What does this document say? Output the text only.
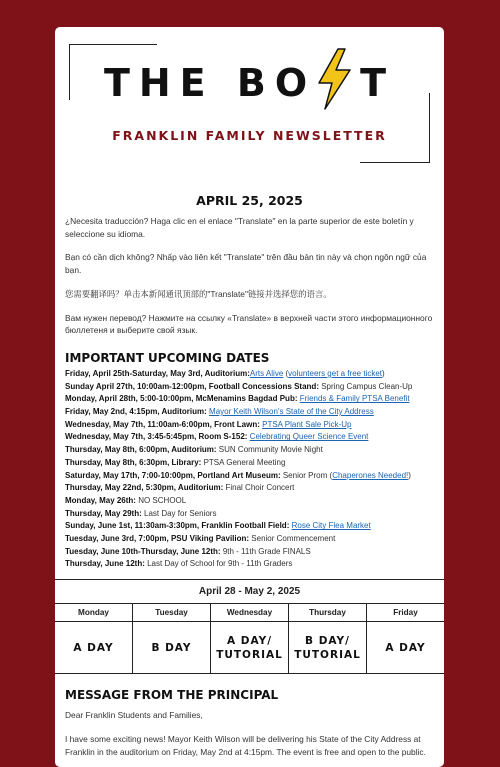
THE BO T
FRANKLIN FAMILY NEWSLETTER
APRIL 25, 2025

¿Necesita traducción? Haga clic en el enlace "Translate" en la parte superior de este boletín y seleccione su idioma.

Bạn có cần dịch không? Nhấp vào liên kết "Translate" trên đầu bản tin này và chọn ngôn ngữ của bạn.

您需要翻译吗？单击本新闻通讯顶部的"Translate"链接并选择您的语言。

Вам нужен перевод? Нажмите на ссылку «Translate» в верхней части этого информационного бюллетеня и выберите свой язык.

IMPORTANT UPCOMING DATES
Friday, April 25th-Saturday, May 3rd, Auditorium:Arts Alive (volunteers get a free ticket)
Sunday April 27th, 10:00am-12:00pm, Football Concessions Stand: Spring Campus Clean-Up
Monday, April 28th, 5:00-10:00pm, McMenamins Bagdad Pub: Friends & Family PTSA Benefit
Friday, May 2nd, 4:15pm, Auditorium: Mayor Keith Wilson's State of the City Address
Wednesday, May 7th, 11:00am-6:00pm, Front Lawn: PTSA Plant Sale Pick-Up
Wednesday, May 7th, 3:45-5:45pm, Room S-152: Celebrating Queer Science Event
Thursday, May 8th, 6:00pm, Auditorium: SUN Community Movie Night
Thursday, May 8th, 6:30pm, Library: PTSA General Meeting
Saturday, May 17th, 7:00-10:00pm, Portland Art Museum: Senior Prom (Chaperones Needed!)
Thursday, May 22nd, 5:30pm, Auditorium: Final Choir Concert
Monday, May 26th: NO SCHOOL
Thursday, May 29th: Last Day for Seniors
Sunday, June 1st, 11:30am-3:30pm, Franklin Football Field: Rose City Flea Market
Tuesday, June 3rd, 7:00pm, PSU Viking Pavilion: Senior Commencement
Tuesday, June 10th-Thursday, June 12th: 9th - 11th Grade FINALS
Thursday, June 12th: Last Day of School for 9th - 11th Graders
April 28 - May 2, 2025
Monday
A DAY
Tuesday
B DAY
Wednesday
A DAY/ TUTORIAL
Thursday
B DAY/ TUTORIAL
Friday
A DAY
MESSAGE FROM THE PRINCIPAL

Dear Franklin Students and Families,

I have some exciting news! Mayor Keith Wilson will be delivering his State of the City Address at Franklin in the auditorium on Friday, May 2nd at 4:15pm. The event is free and open to the public.
